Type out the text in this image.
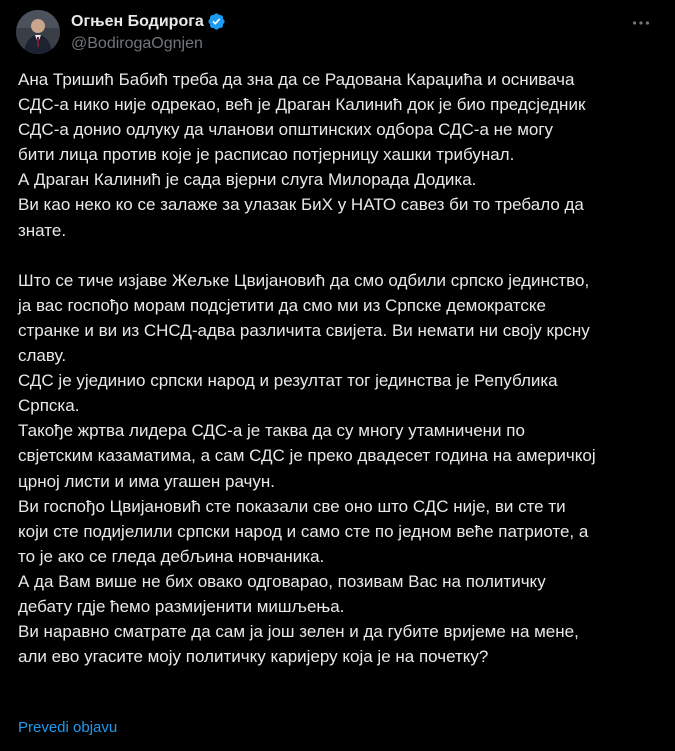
Огњен Бодирога
@BodirogaOgnjen

Ана Тришић Бабић треба да зна да се Радована Караџића и оснивача

СДС-а нико није одрекао, већ је Драган Калинић док је био предсједник

СДС-а донио одлуку да чланови општинских одбора СДС-а не могу

бити лица против које је расписао потјерницу хашки трибунал.

А Драган Калинић је сада вјерни слуга Милорада Додика.

Ви као неко ко се залаже за улазак БиХ у НАТО савез би то требало да

знате.

Што се тиче изјаве Жељке Цвијановић да смо одбили српско јединство,

ја вас госпођо морам подсјетити да смо ми из Српске демократске

странке и ви из СНСД-адва различита свијета. Ви немати ни своју крсну

славу.

СДС је ујединио српски народ и резултат тог јединства је Република

Српска.

Такође жртва лидера СДС-а је таква да су многу утамничени по

свјетским казаматима, а сам СДС је преко двадесет година на америчкој

црној листи и има угашен рачун.

Ви госпођо Цвијановић сте показали све оно што СДС није, ви сте ти

који сте подијелили српски народ и само сте по једном веће патриоте, а

то је ако се гледа дебљина новчаника.

А да Вам више не бих овако одговарао, позивам Вас на политичку

дебату гдје ћемо размијенити мишљења.

Ви наравно сматрате да сам ја још зелен и да губите вријеме на мене,

али ево угасите моју политичку каријеру која је на почетку?

Prevedi objavu
